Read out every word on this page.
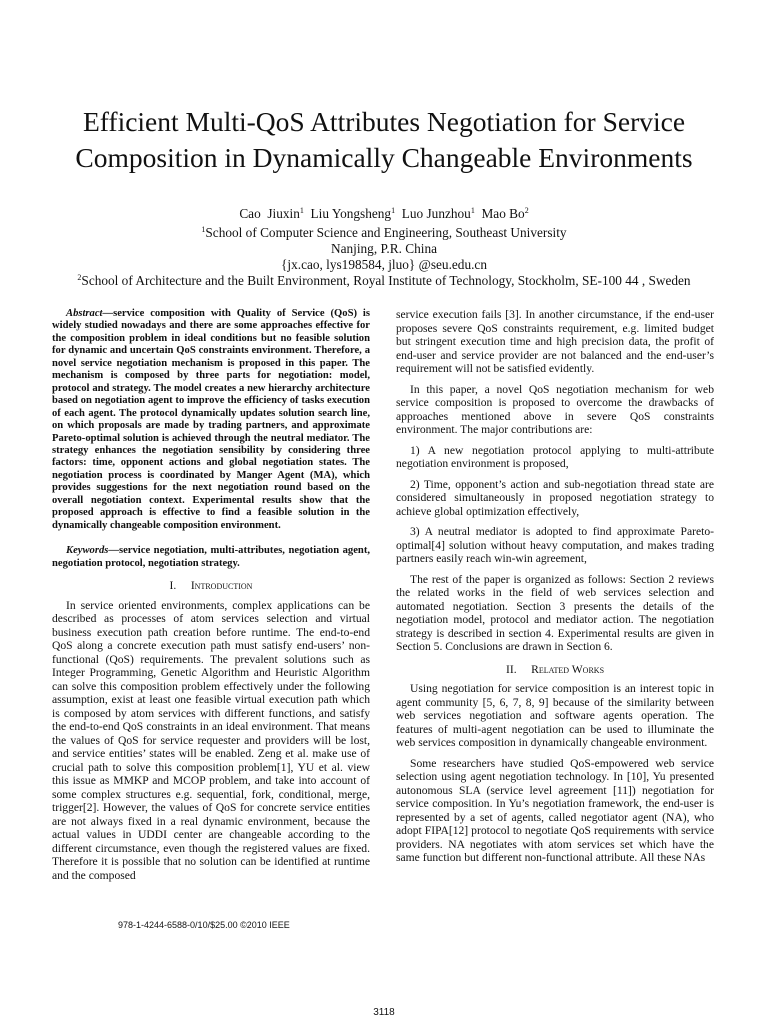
Efficient Multi-QoS Attributes Negotiation for Service Composition in Dynamically Changeable Environments
Cao  Jiuxin$^1$ Liu Yongsheng$^1$ Luo Junzhou$^1$ Mao Bo$^2$
$^1$School of Computer Science and Engineering, Southeast University
Nanjing, P.R. China
{jx.cao, lys198584, jluo} @seu.edu.cn
$^2$School of Architecture and the Built Environment, Royal Institute of Technology, Stockholm, SE-100 44 , Sweden

Abstract—service composition with Quality of Service (QoS) is widely studied nowadays and there are some approaches effective for the composition problem in ideal conditions but no feasible solution for dynamic and uncertain QoS constraints environment. Therefore, a novel service negotiation mechanism is proposed in this paper. The mechanism is composed by three parts for negotiation: model, protocol and strategy. The model creates a new hierarchy architecture based on negotiation agent to improve the efficiency of tasks execution of each agent. The protocol dynamically updates solution search line, on which proposals are made by trading partners, and approximate Pareto-optimal solution is achieved through the neutral mediator. The strategy enhances the negotiation sensibility by considering three factors: time, opponent actions and global negotiation states. The negotiation process is coordinated by Manger Agent (MA), which provides suggestions for the next negotiation round based on the overall negotiation context. Experimental results show that the proposed approach is effective to find a feasible solution in the dynamically changeable composition environment.

Keywords—service negotiation, multi-attributes, negotiation agent, negotiation protocol, negotiation strategy.

I. Introduction

In service oriented environments, complex applications can be described as processes of atom services selection and virtual business execution path creation before runtime. The end-to-end QoS along a concrete execution path must satisfy end-users’ non-functional (QoS) requirements. The prevalent solutions such as Integer Programming, Genetic Algorithm and Heuristic Algorithm can solve this composition problem effectively under the following assumption, exist at least one feasible virtual execution path which is composed by atom services with different functions, and satisfy the end-to-end QoS constraints in an ideal environment. That means the values of QoS for service requester and providers will be lost, and service entities’ states will be enabled. Zeng et al. make use of crucial path to solve this composition problem[1], YU et al. view this issue as MMKP and MCOP problem, and take into account of some complex structures e.g. sequential, fork, conditional, merge, trigger[2]. However, the values of QoS for concrete service entities are not always fixed in a real dynamic environment, because the actual values in UDDI center are changeable according to the different circumstance, even though the registered values are fixed. Therefore it is possible that no solution can be identified at runtime and the composed

service execution fails [3]. In another circumstance, if the end-user proposes severe QoS constraints requirement, e.g. limited budget but stringent execution time and high precision data, the profit of end-user and service provider are not balanced and the end-user’s requirement will not be satisfied evidently.

In this paper, a novel QoS negotiation mechanism for web service composition is proposed to overcome the drawbacks of approaches mentioned above in severe QoS constraints environment. The major contributions are:

1) A new negotiation protocol applying to multi-attribute negotiation environment is proposed,

2) Time, opponent’s action and sub-negotiation thread state are considered simultaneously in proposed negotiation strategy to achieve global optimization effectively,

3) A neutral mediator is adopted to find approximate Pareto-optimal[4] solution without heavy computation, and makes trading partners easily reach win-win agreement,

The rest of the paper is organized as follows: Section 2 reviews the related works in the field of web services selection and automated negotiation. Section 3 presents the details of the negotiation model, protocol and mediator action. The negotiation strategy is described in section 4. Experimental results are given in Section 5. Conclusions are drawn in Section 6.

II. Related Works

Using negotiation for service composition is an interest topic in agent community [5, 6, 7, 8, 9] because of the similarity between web services negotiation and software agents operation. The features of multi-agent negotiation can be used to illuminate the web services composition in dynamically changeable environment.

Some researchers have studied QoS-empowered web service selection using agent negotiation technology. In [10], Yu presented autonomous SLA (service level agreement [11]) negotiation for service composition. In Yu’s negotiation framework, the end-user is represented by a set of agents, called negotiator agent (NA), who adopt FIPA[12] protocol to negotiate QoS requirements with service providers. NA negotiates with atom services set which have the same function but different non-functional attribute. All these NAs

978-1-4244-6588-0/10/$25.00 ©2010 IEEE
3118
